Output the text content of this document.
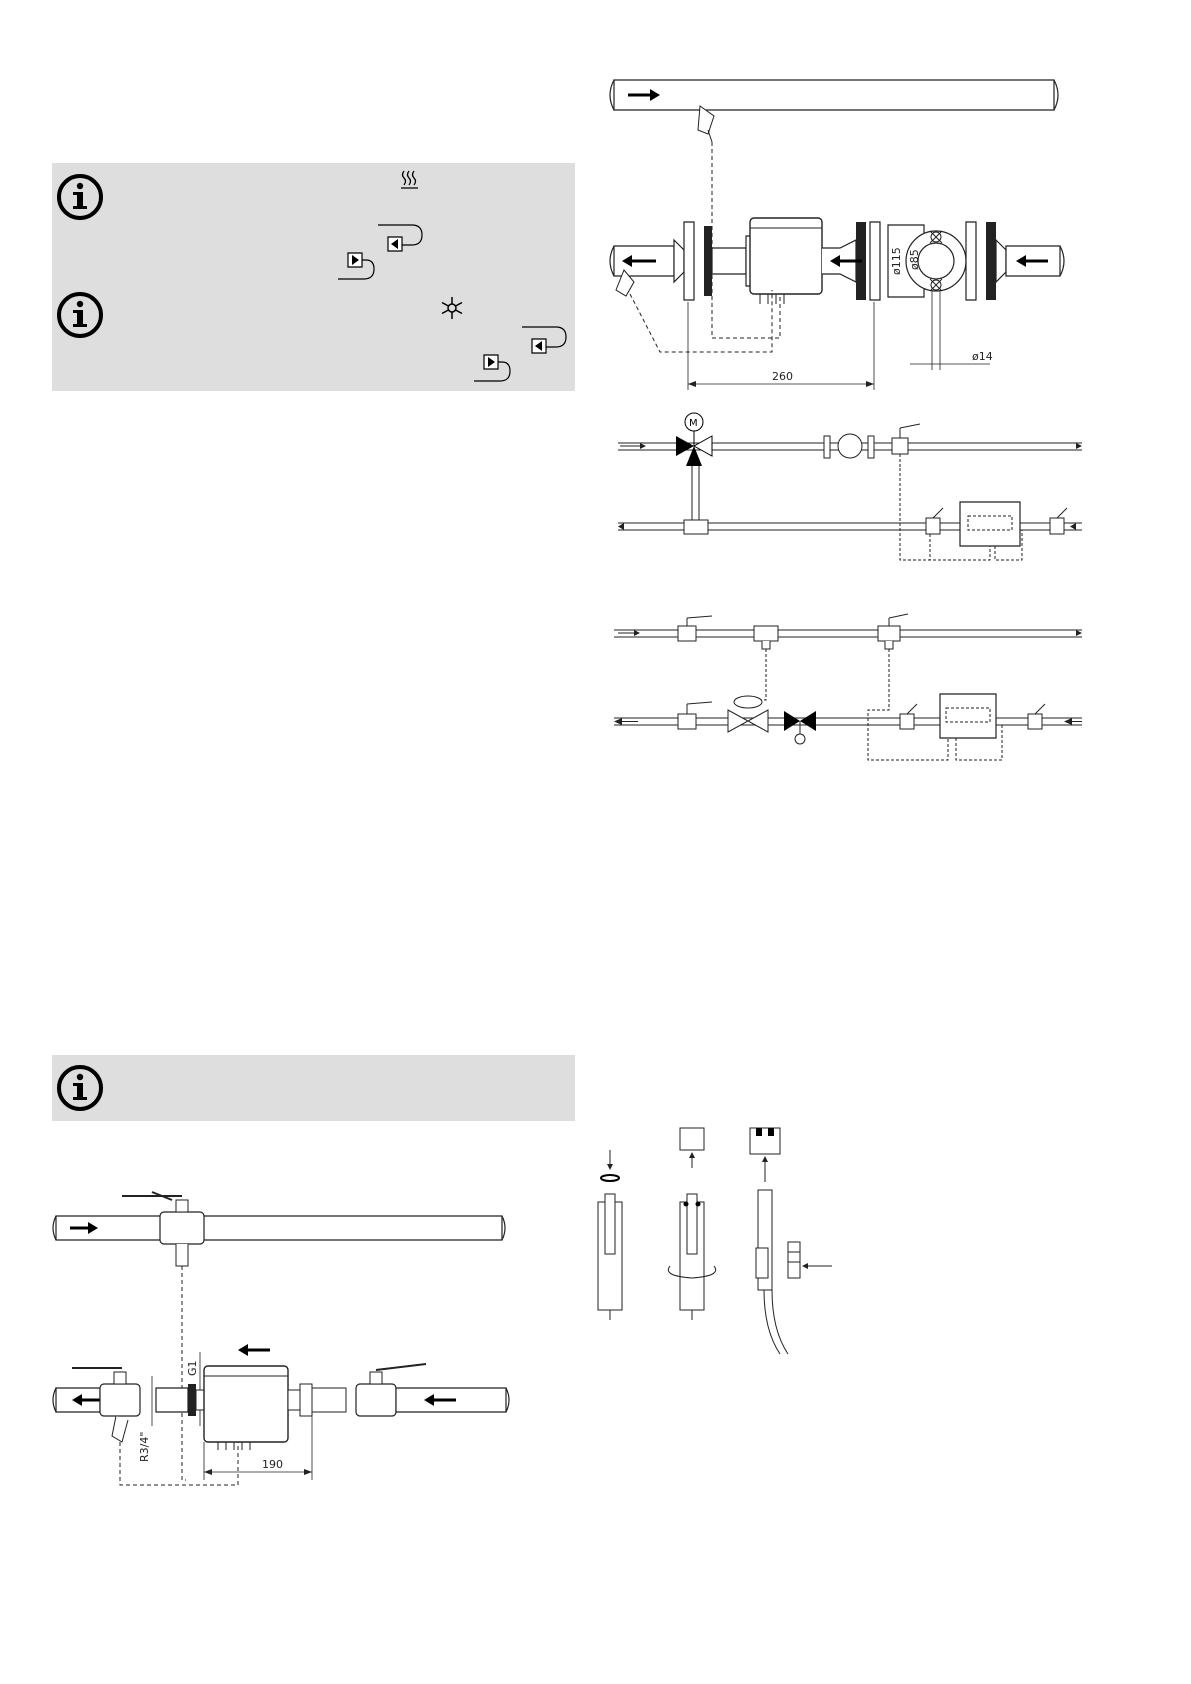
ø115 ø85
260
ø14
M
R3/4"
G1
190
